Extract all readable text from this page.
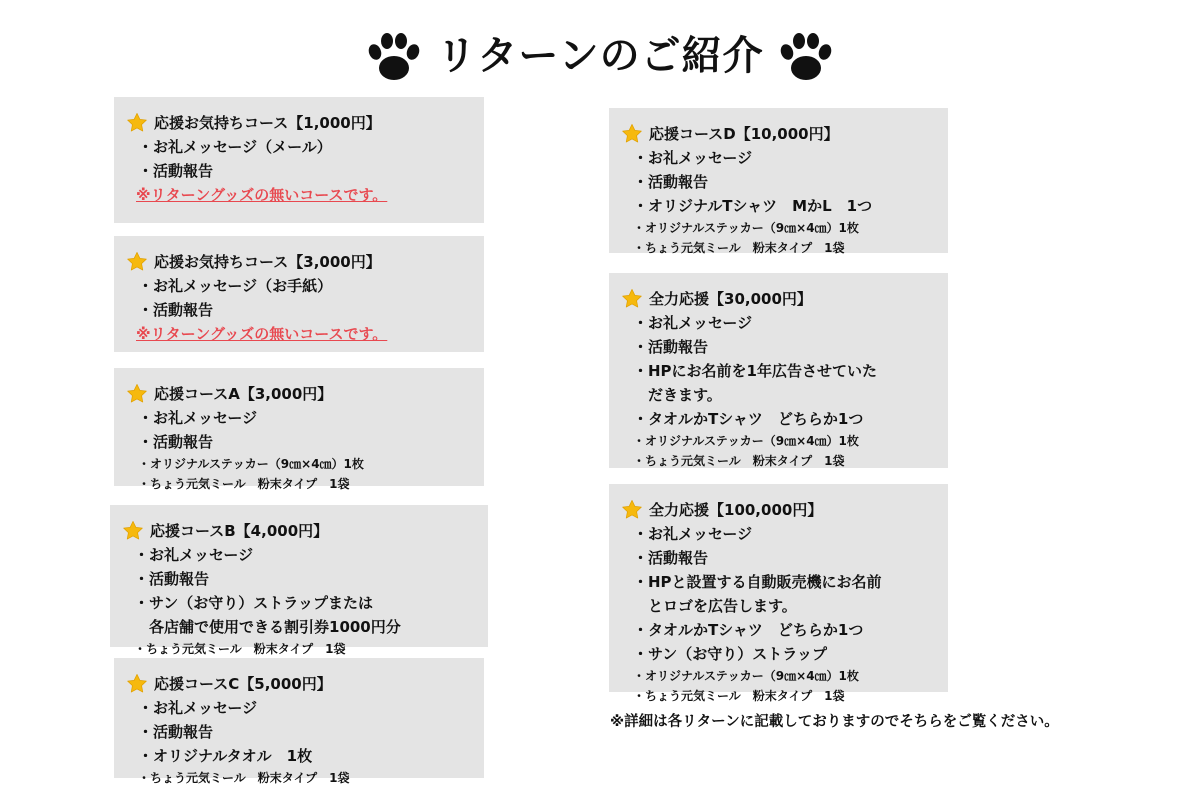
リターンのご紹介
応援お気持ちコース【1,000円】
・お礼メッセージ（メール）
・活動報告
※リターングッズの無いコースです。
応援お気持ちコース【3,000円】
・お礼メッセージ（お手紙）
・活動報告
※リターングッズの無いコースです。
応援コースA【3,000円】
・お礼メッセージ
・活動報告
・オリジナルステッカー（9㎝×4㎝）1枚
・ちょう元気ミール　粉末タイプ　1袋
応援コースB【4,000円】
・お礼メッセージ
・活動報告
・サン（お守り）ストラップまたは
　各店舗で使用できる割引券1000円分
・ちょう元気ミール　粉末タイプ　1袋
応援コースC【5,000円】
・お礼メッセージ
・活動報告
・オリジナルタオル　1枚
・ちょう元気ミール　粉末タイプ　1袋
応援コースD【10,000円】
・お礼メッセージ
・活動報告
・オリジナルTシャツ　MかL　1つ
・オリジナルステッカー（9㎝×4㎝）1枚
・ちょう元気ミール　粉末タイプ　1袋
全力応援【30,000円】
・お礼メッセージ
・活動報告
・HPにお名前を1年広告させていた
　だきます。
・タオルかTシャツ　どちらか1つ
・オリジナルステッカー（9㎝×4㎝）1枚
・ちょう元気ミール　粉末タイプ　1袋
全力応援【100,000円】
・お礼メッセージ
・活動報告
・HPと設置する自動販売機にお名前
　とロゴを広告します。
・タオルかTシャツ　どちらか1つ
・サン（お守り）ストラップ
・オリジナルステッカー（9㎝×4㎝）1枚
・ちょう元気ミール　粉末タイプ　1袋
※詳細は各リターンに記載しておりますのでそちらをご覧ください。
